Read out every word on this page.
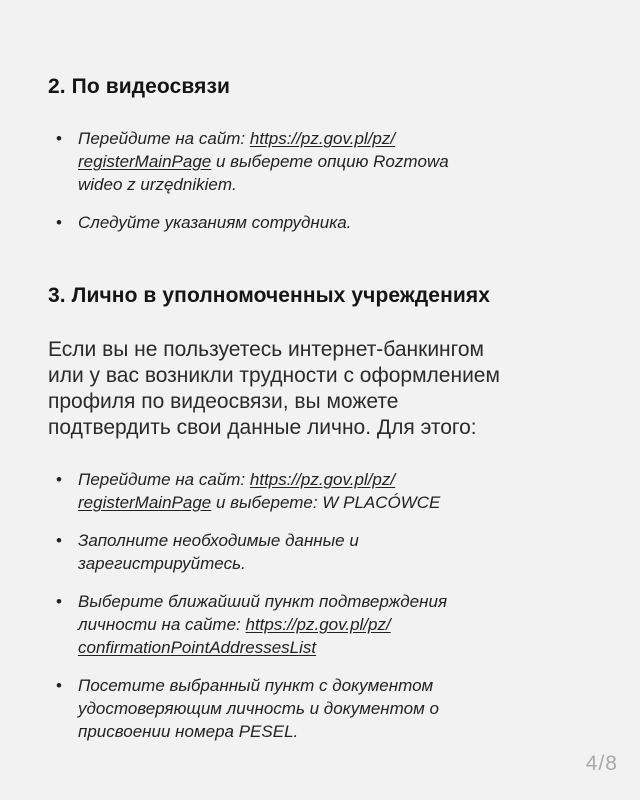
2. По видеосвязи
• Перейдите на сайт: https://pz.gov.pl/pz/
registerMainPage и выберете опцию Rozmowa
wideo z urzędnikiem.
• Следуйте указаниям сотрудника.
3. Лично в уполномоченных учреждениях

Если вы не пользуетесь интернет-банкингом
или у вас возникли трудности с оформлением
профиля по видеосвязи, вы можете
подтвердить свои данные лично. Для этого:

• Перейдите на сайт: https://pz.gov.pl/pz/
registerMainPage и выберете: W PLACÓWCE
• Заполните необходимые данные и
зарегистрируйтесь.
• Выберите ближайший пункт подтверждения
личности на сайте: https://pz.gov.pl/pz/
confirmationPointAddressesList
• Посетите выбранный пункт с документом
удостоверяющим личность и документом о
присвоении номера PESEL.
4/8
